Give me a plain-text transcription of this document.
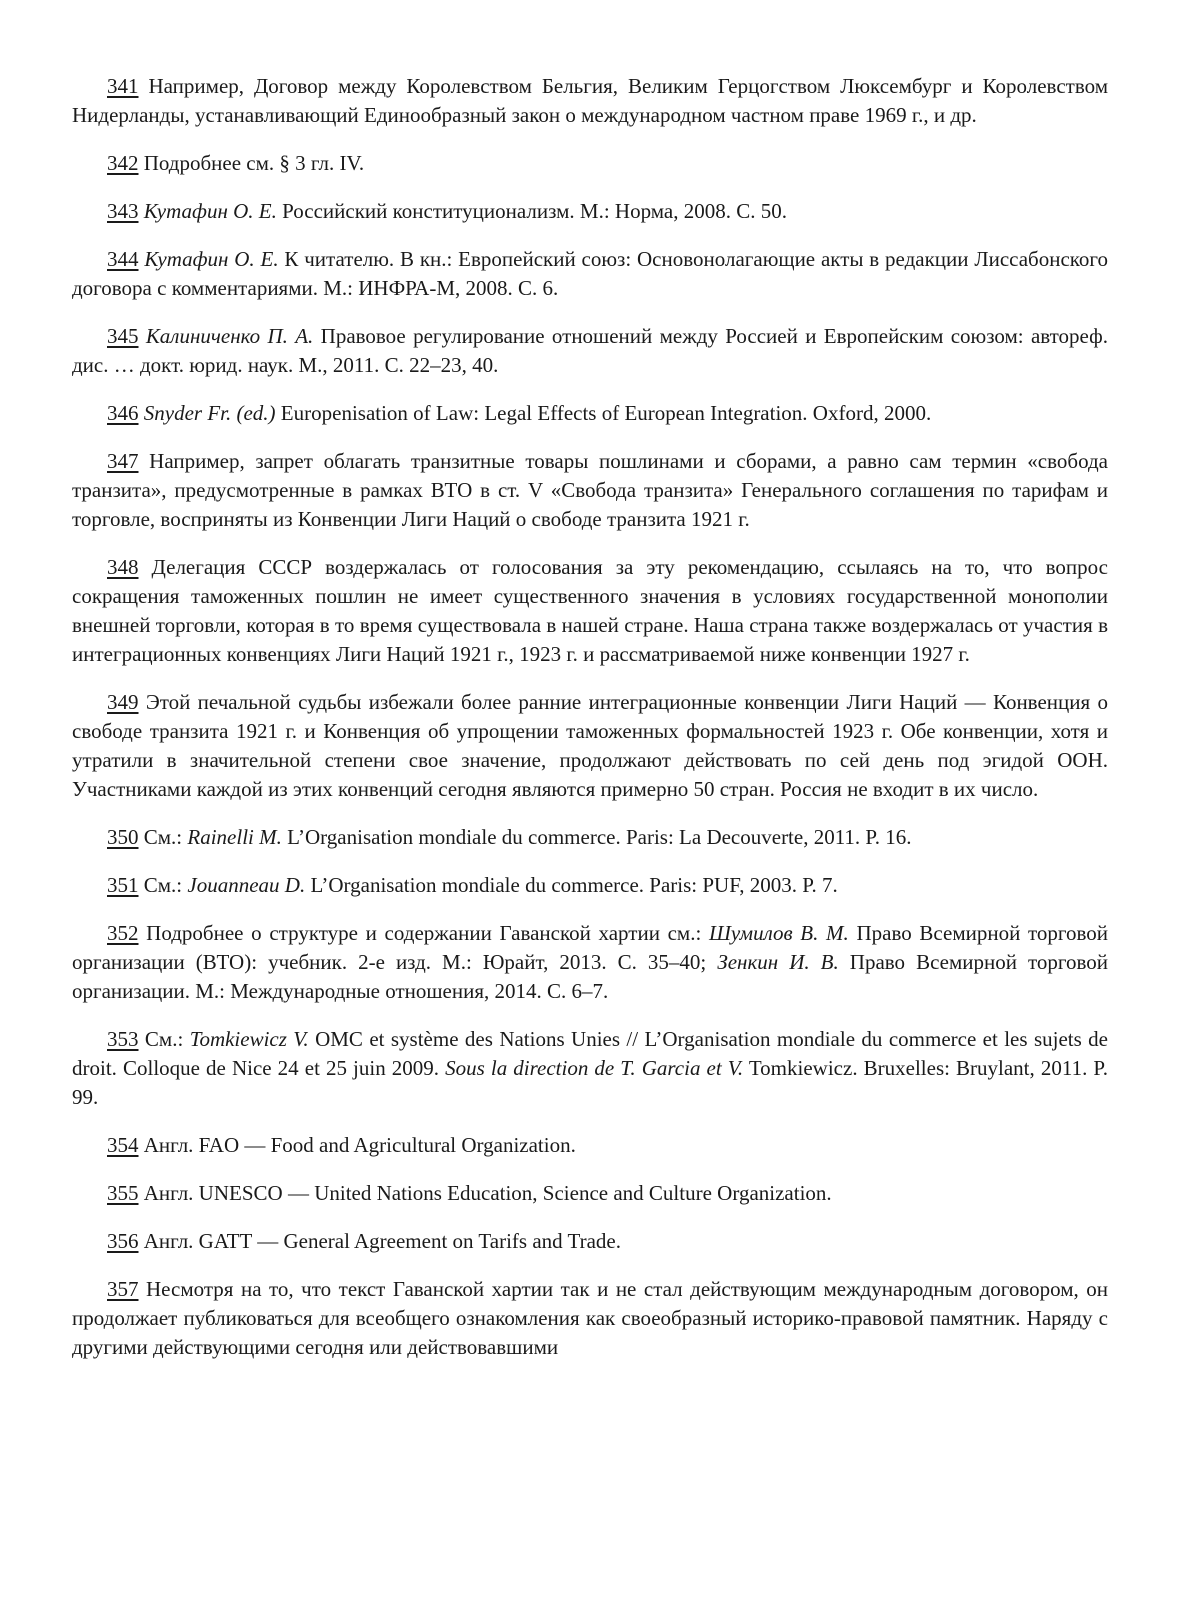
341 Например, Договор между Королевством Бельгия, Великим Герцогством Люксембург и Королевством Нидерланды, устанавливающий Единообразный закон о международном частном праве 1969 г., и др.

342 Подробнее см. § 3 гл. IV.

343 Кутафин О. Е. Российский конституционализм. М.: Норма, 2008. С. 50.

344 Кутафин О. Е. К читателю. В кн.: Европейский союз: Основонолагающие акты в редакции Лиссабонского договора с комментариями. М.: ИНФРА-М, 2008. С. 6.

345 Калиниченко П. А. Правовое регулирование отношений между Россией и Европейским союзом: автореф. дис. … докт. юрид. наук. М., 2011. С. 22–23, 40.

346 Snyder Fr. (ed.) Europenisation of Law: Legal Effects of European Integration. Oxford, 2000.

347 Например, запрет облагать транзитные товары пошлинами и сборами, а равно сам термин «свобода транзита», предусмотренные в рамках ВТО в ст. V «Свобода транзита» Генерального соглашения по тарифам и торговле, восприняты из Конвенции Лиги Наций о свободе транзита 1921 г.

348 Делегация СССР воздержалась от голосования за эту рекомендацию, ссылаясь на то, что вопрос сокращения таможенных пошлин не имеет существенного значения в условиях государственной монополии внешней торговли, которая в то время существовала в нашей стране. Наша страна также воздержалась от участия в интеграционных конвенциях Лиги Наций 1921 г., 1923 г. и рассматриваемой ниже конвенции 1927 г.

349 Этой печальной судьбы избежали более ранние интеграционные конвенции Лиги Наций — Конвенция о свободе транзита 1921 г. и Конвенция об упрощении таможенных формальностей 1923 г. Обе конвенции, хотя и утратили в значительной степени свое значение, продолжают действовать по сей день под эгидой ООН. Участниками каждой из этих конвенций сегодня являются примерно 50 стран. Россия не входит в их число.

350 См.: Rainelli M. L’Organisation mondiale du commerce. Paris: La Decouverte, 2011. P. 16.

351 См.: Jouanneau D. L’Organisation mondiale du commerce. Paris: PUF, 2003. P. 7.

352 Подробнее о структуре и содержании Гаванской хартии см.: Шумилов В. М. Право Всемирной торговой организации (ВТО): учебник. 2-е изд. М.: Юрайт, 2013. С. 35–40; Зенкин И. В. Право Всемирной торговой организации. М.: Международные отношения, 2014. С. 6–7.

353 См.: Tomkiewicz V. OMC et système des Nations Unies // L’Organisation mondiale du commerce et les sujets de droit. Colloque de Nice 24 et 25 juin 2009. Sous la direction de T. Garcia et V. Tomkiewicz. Bruxelles: Bruylant, 2011. P. 99.

354 Англ. FAO — Food and Agricultural Organization.

355 Англ. UNESCO — United Nations Education, Science and Culture Organization.

356 Англ. GATT — General Agreement on Tarifs and Trade.

357 Несмотря на то, что текст Гаванской хартии так и не стал действующим международным договором, он продолжает публиковаться для всеобщего ознакомления как своеобразный историко-правовой памятник. Наряду с другими действующими сегодня или действовавшими
